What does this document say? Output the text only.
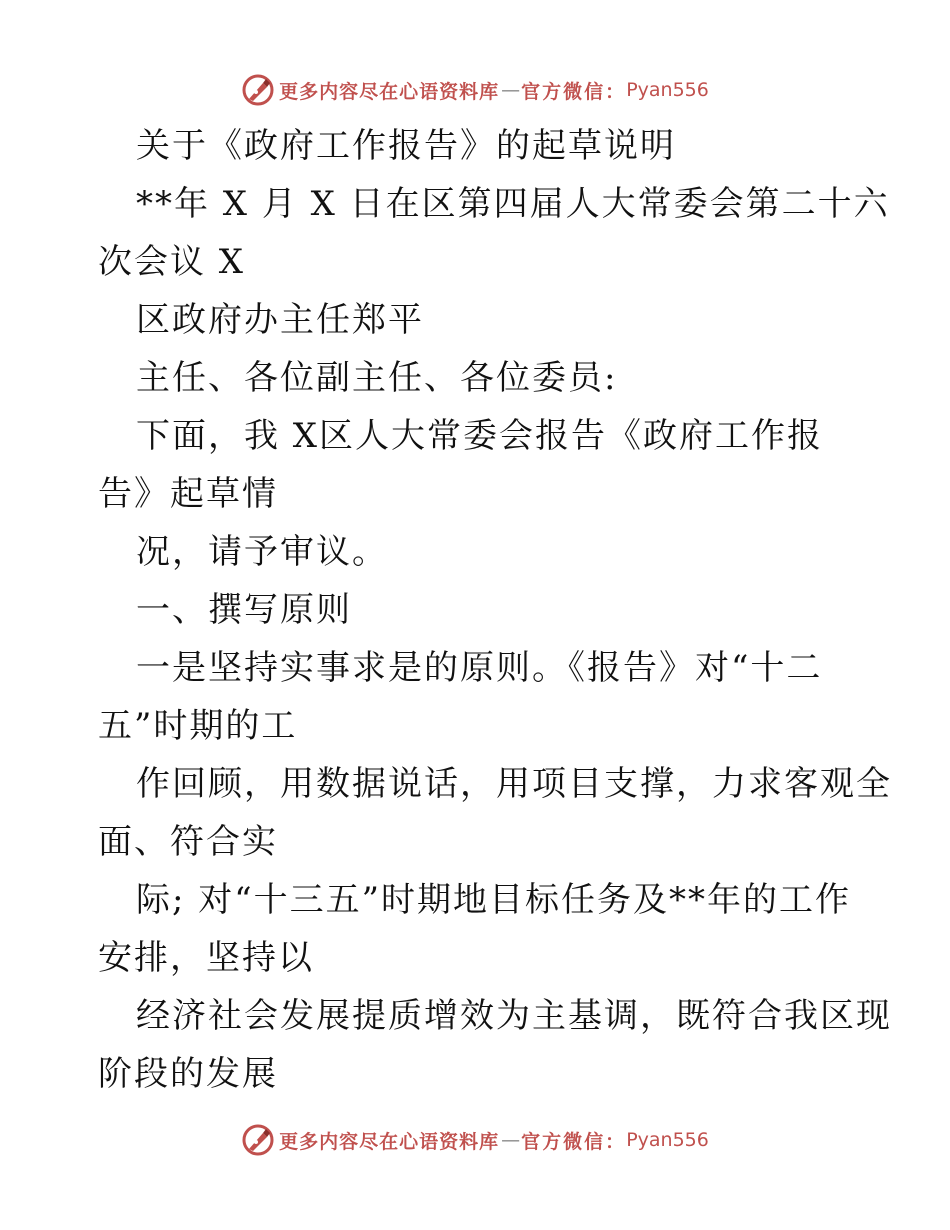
更多内容尽在心语资料库 — 官方微信： Pyan556
关于《政府工作报告》的起草说明
**年 X 月 X 日在区第四届人大常委会第二十六
次会议 X
区政府办主任郑平
主任、各位副主任、各位委员:
下面，我 X区人大常委会报告《政府工作报
告》起草情
况，请予审议。
一、撰写原则
一是坚持实事求是的原则。《报告》对“十二
五”时期的工
作回顾，用数据说话，用项目支撑，力求客观全
面、符合实
际; 对“十三五”时期地目标任务及**年的工作
安排，坚持以
经济社会发展提质增效为主基调，既符合我区现
阶段的发展
更多内容尽在心语资料库 — 官方微信： Pyan556
